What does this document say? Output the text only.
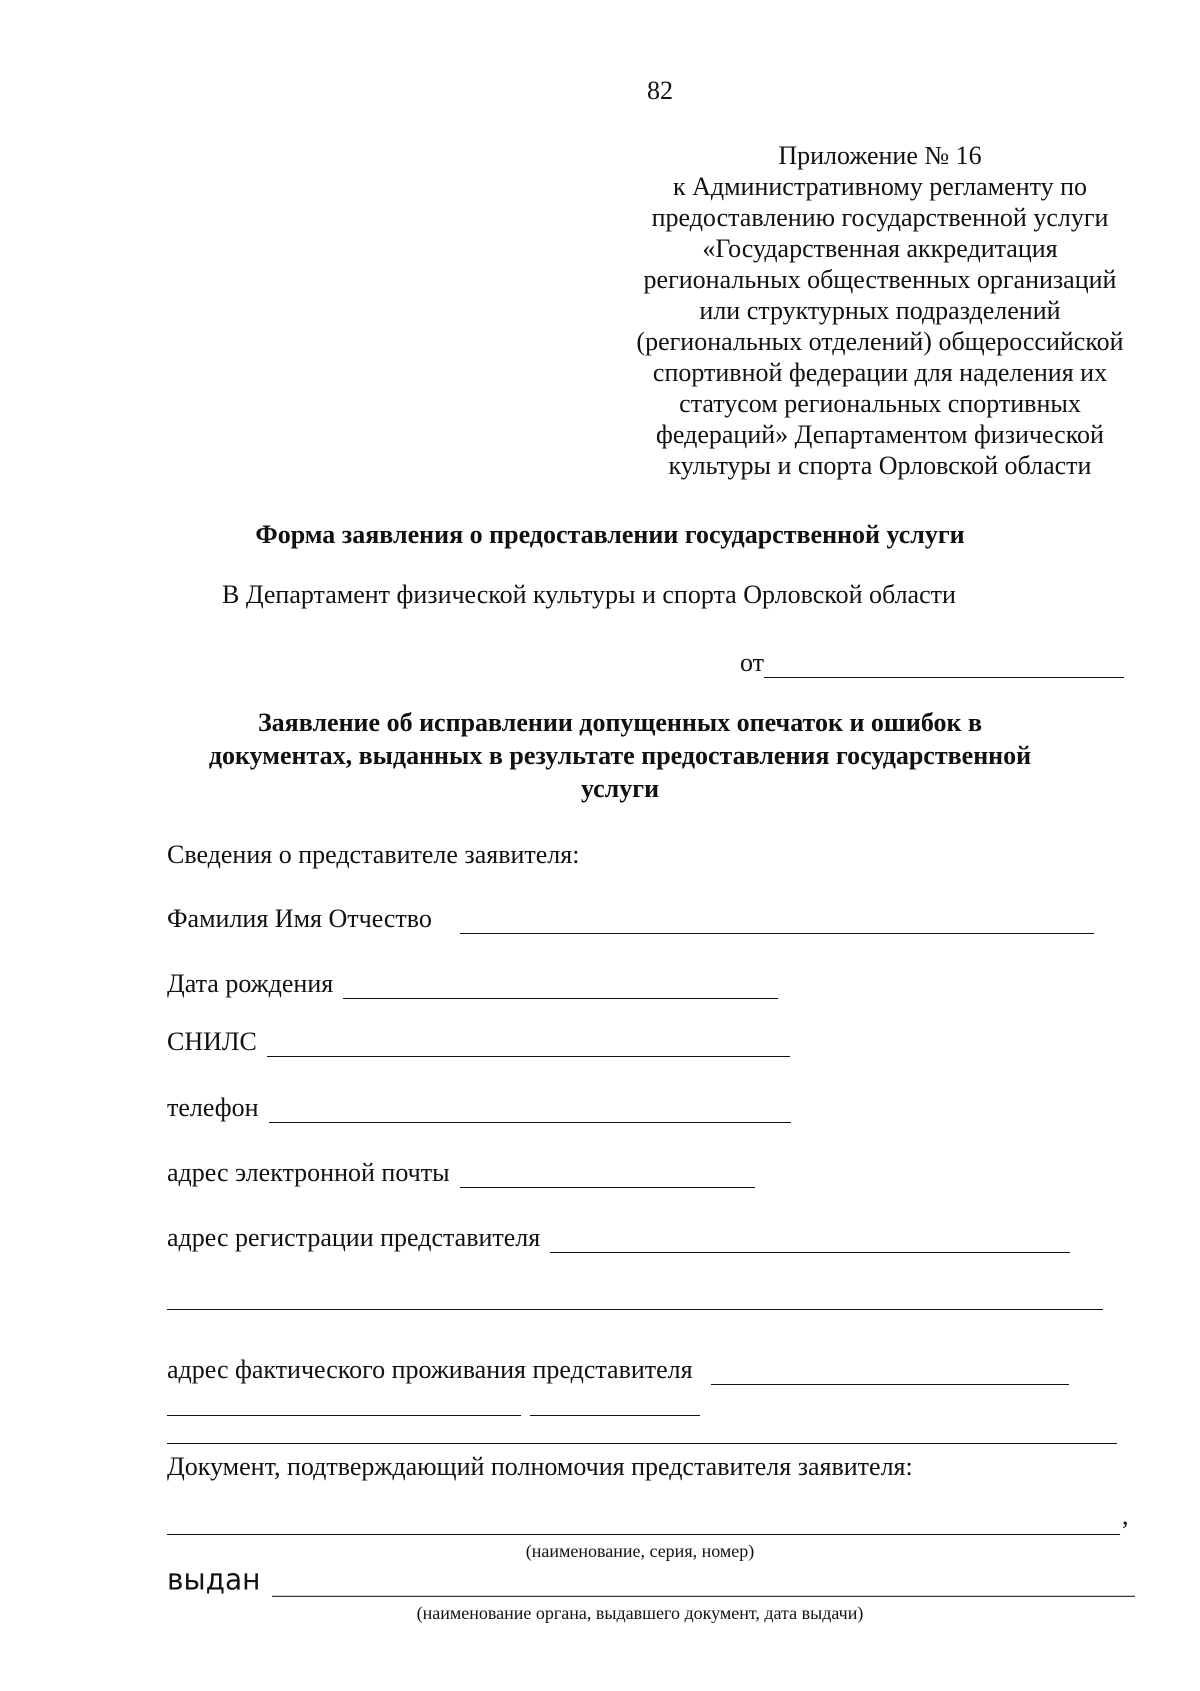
82
Приложение № 16
к Административному регламенту по
предоставлению государственной услуги
«Государственная аккредитация
региональных общественных организаций
или структурных подразделений
(региональных отделений) общероссийской
спортивной федерации для наделения их
статусом региональных спортивных
федераций» Департаментом физической
культуры и спорта Орловской области
Форма заявления о предоставлении государственной услуги
В Департамент физической культуры и спорта Орловской области
от
Заявление об исправлении допущенных опечаток и ошибок в
документах, выданных в результате предоставления государственной
услуги
Сведения о представителе заявителя:
Фамилия Имя Отчество
Дата рождения
СНИЛС
телефон
адрес электронной почты
адрес регистрации представителя
адрес фактического проживания представителя
Документ, подтверждающий полномочия представителя заявителя:
,
(наименование, серия, номер)
выдан
(наименование органа, выдавшего документ, дата выдачи)
